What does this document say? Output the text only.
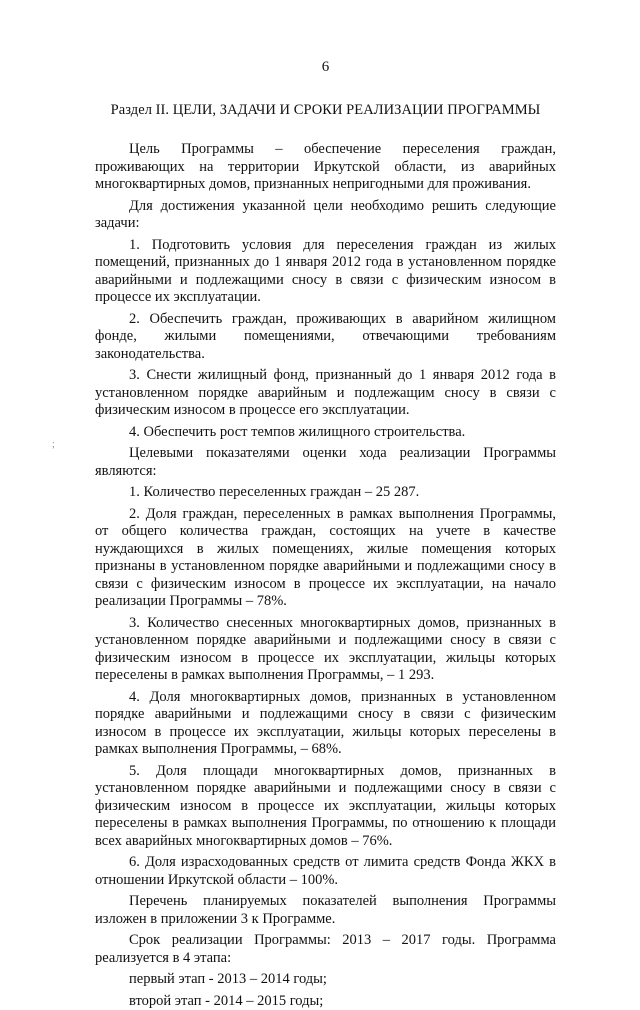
6
Раздел II. ЦЕЛИ, ЗАДАЧИ И СРОКИ РЕАЛИЗАЦИИ ПРОГРАММЫ

Цель Программы – обеспечение переселения граждан, проживающих на территории Иркутской области, из аварийных многоквартирных домов, признанных непригодными для проживания.

Для достижения указанной цели необходимо решить следующие задачи:

1. Подготовить условия для переселения граждан из жилых помещений, признанных до 1 января 2012 года в установленном порядке аварийными и подлежащими сносу в связи с физическим износом в процессе их эксплуатации.

2. Обеспечить граждан, проживающих в аварийном жилищном фонде, жилыми помещениями, отвечающими требованиям законодательства.

3. Снести жилищный фонд, признанный до 1 января 2012 года в установленном порядке аварийным и подлежащим сносу в связи с физическим износом в процессе его эксплуатации.

4. Обеспечить рост темпов жилищного строительства.

Целевыми показателями оценки хода реализации Программы являются:

1. Количество переселенных граждан – 25 287.

2. Доля граждан, переселенных в рамках выполнения Программы, от общего количества граждан, состоящих на учете в качестве нуждающихся в жилых помещениях, жилые помещения которых признаны в установленном порядке аварийными и подлежащими сносу в связи с физическим износом в процессе их эксплуатации, на начало реализации Программы – 78%.

3. Количество снесенных многоквартирных домов, признанных в установленном порядке аварийными и подлежащими сносу в связи с физическим износом в процессе их эксплуатации, жильцы которых переселены в рамках выполнения Программы, – 1 293.

4. Доля многоквартирных домов, признанных в установленном порядке аварийными и подлежащими сносу в связи с физическим износом в процессе их эксплуатации, жильцы которых переселены в рамках выполнения Программы, – 68%.

5. Доля площади многоквартирных домов, признанных в установленном порядке аварийными и подлежащими сносу в связи с физическим износом в процессе их эксплуатации, жильцы которых переселены в рамках выполнения Программы, по отношению к площади всех аварийных многоквартирных домов – 76%.

6. Доля израсходованных средств от лимита средств Фонда ЖКХ в отношении Иркутской области – 100%.

Перечень планируемых показателей выполнения Программы изложен в приложении 3 к Программе.

Срок реализации Программы: 2013 – 2017 годы. Программа реализуется в 4 этапа:

первый этап - 2013 – 2014 годы;
второй этап - 2014 – 2015 годы;
;
